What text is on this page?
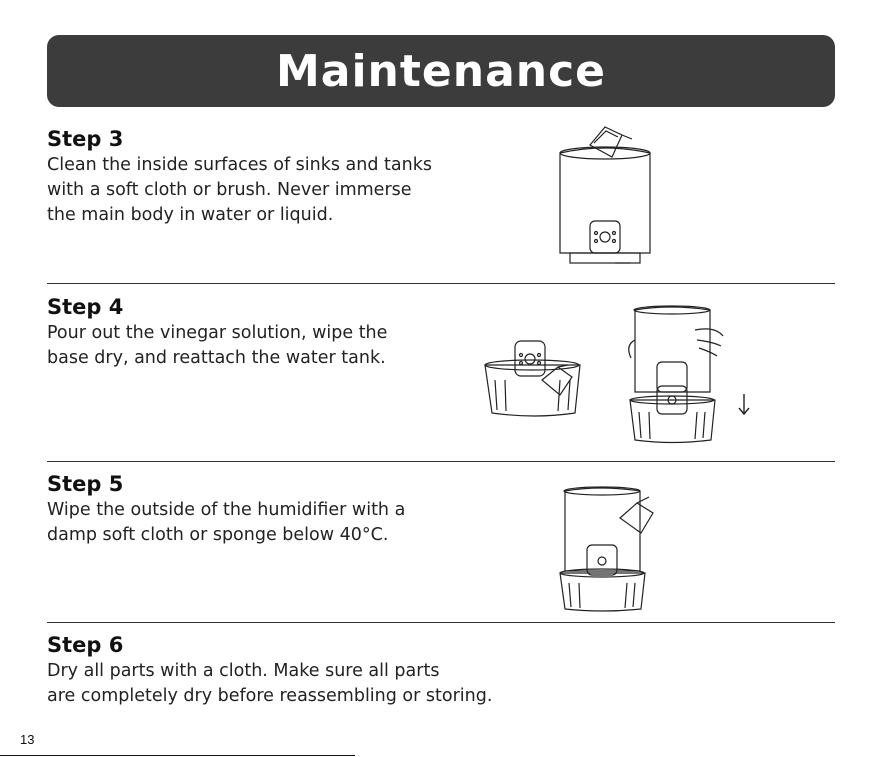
Maintenance
Step 3

Clean the inside surfaces of sinks and tanks
with a soft cloth or brush. Never immerse
the main body in water or liquid.

Step 4

Pour out the vinegar solution, wipe the
base dry, and reattach the water tank.

Step 5

Wipe the outside of the humidifier with a
damp soft cloth or sponge below 40°C.

Step 6

Dry all parts with a cloth. Make sure all parts
are completely dry before reassembling or storing.

13
